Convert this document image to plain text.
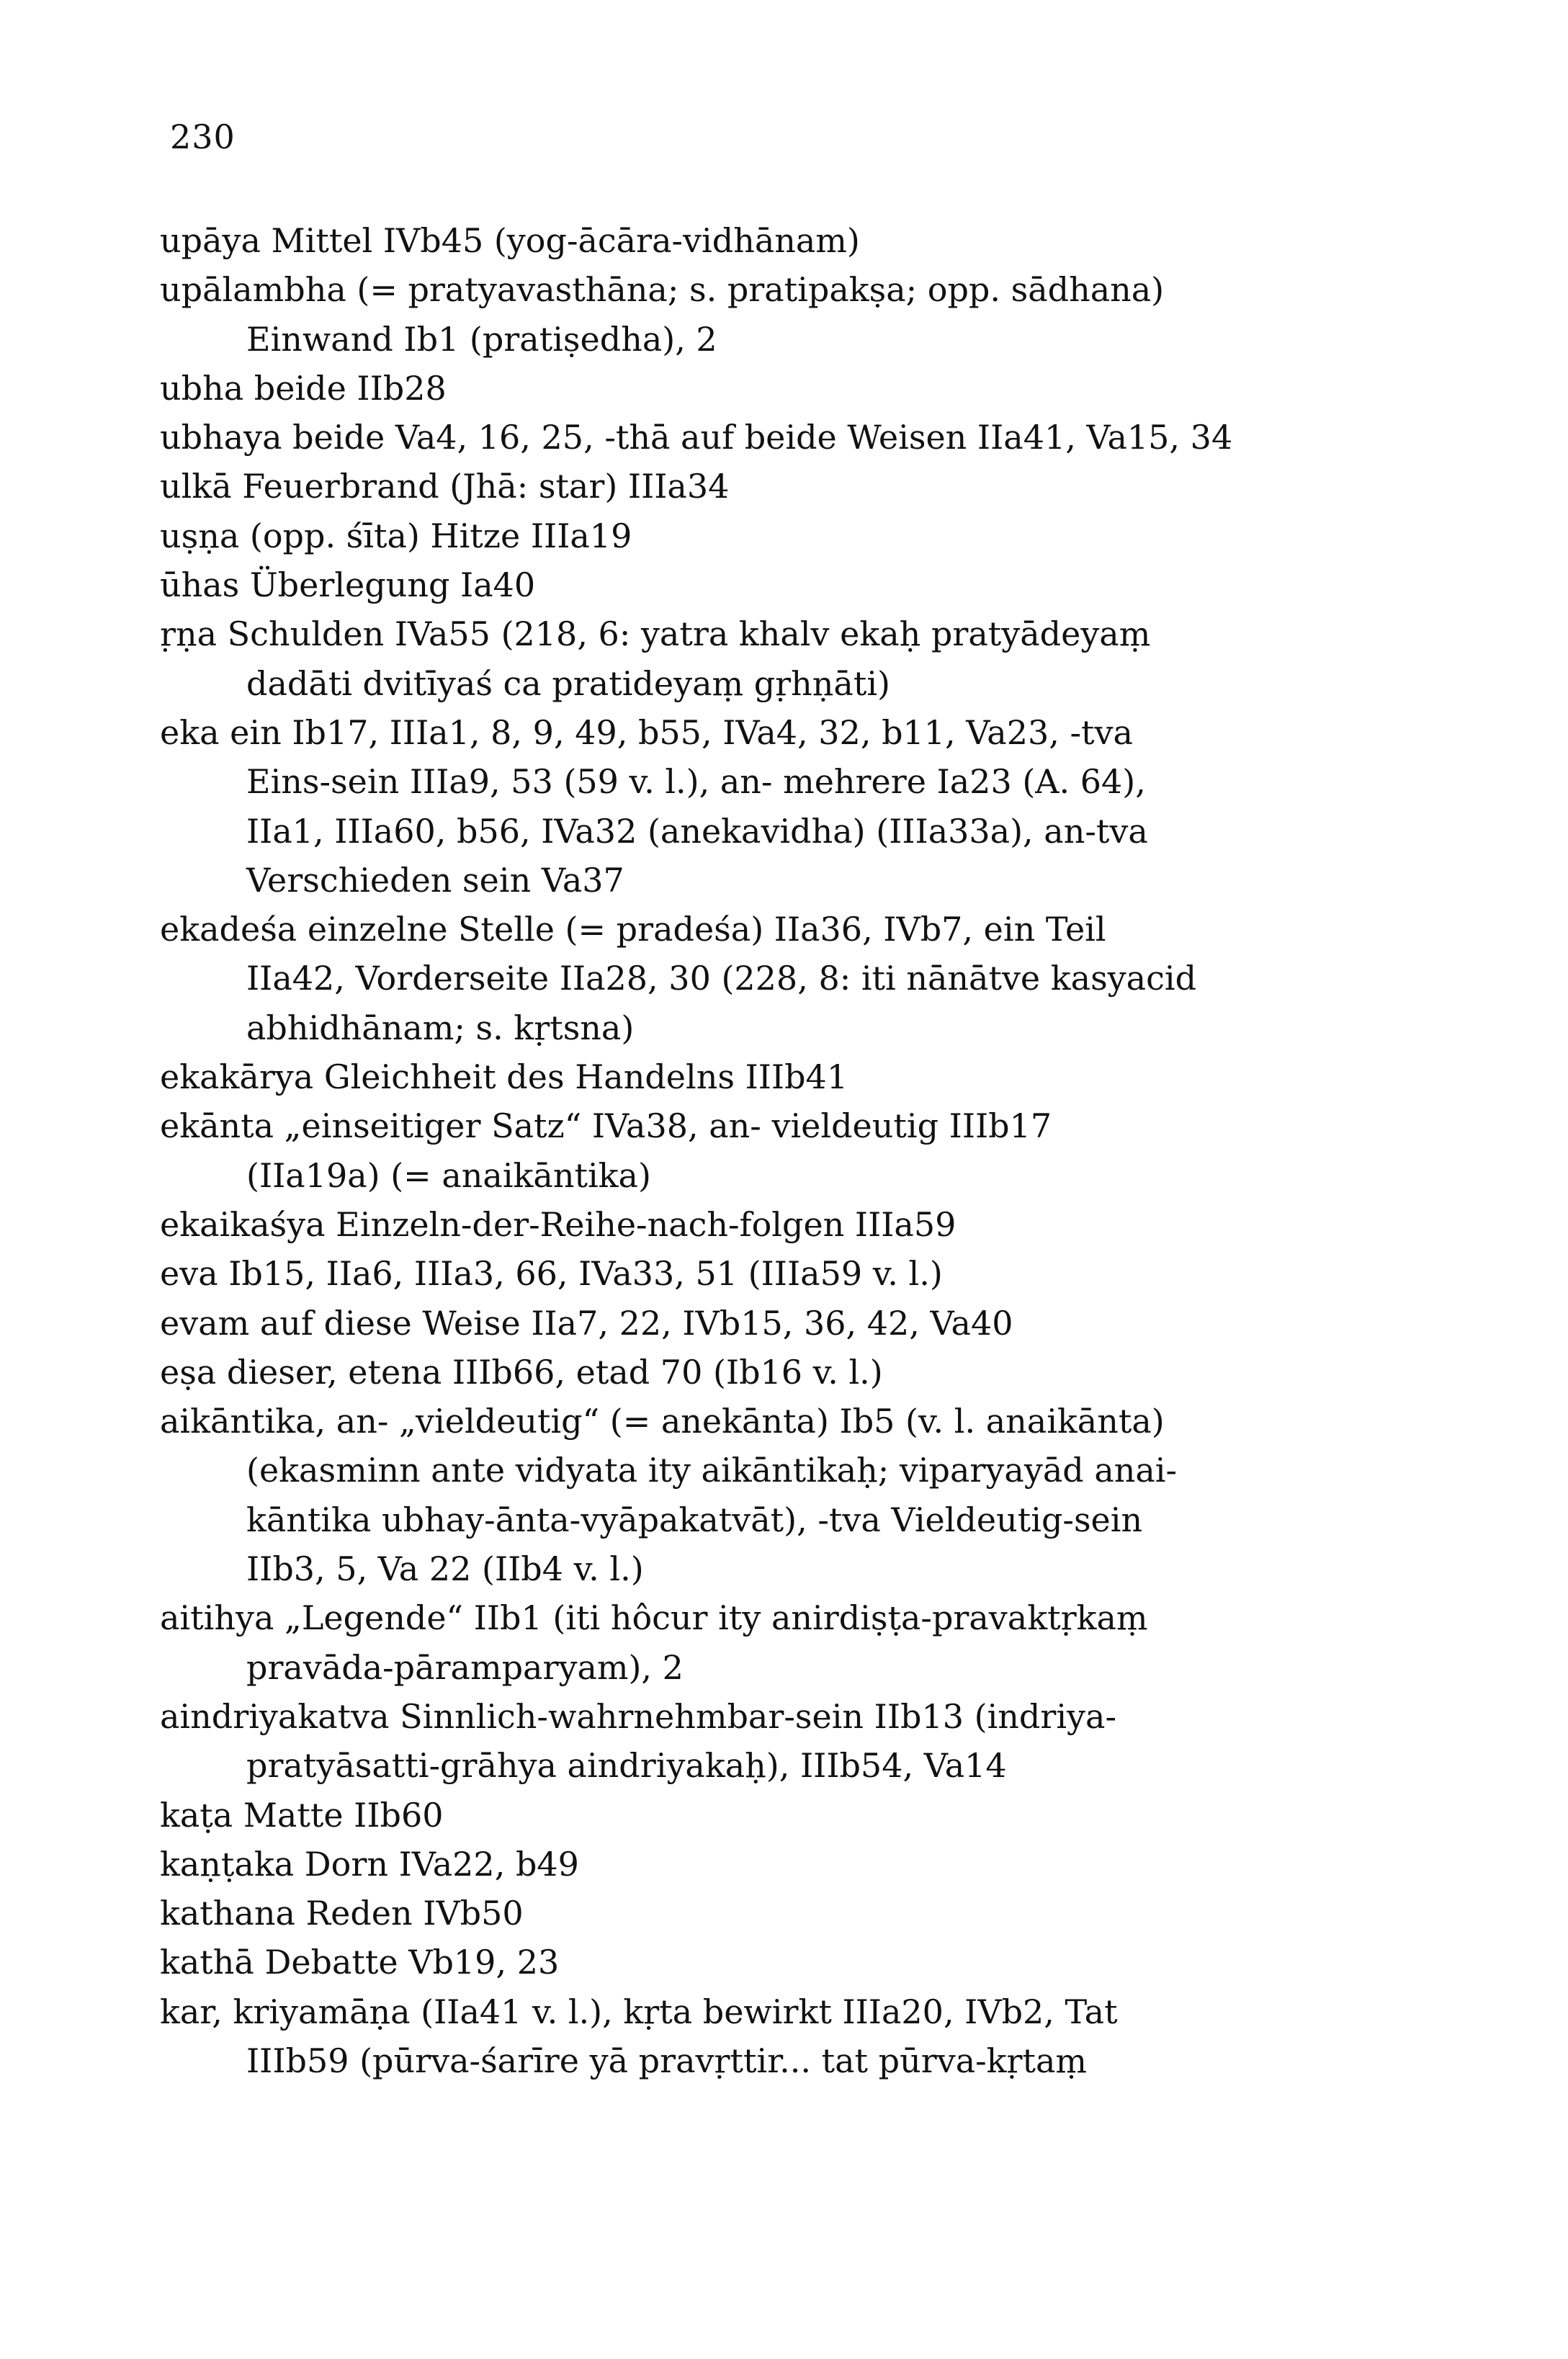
230
upāya Mittel IVb45 (yog-ācāra-vidhānam)
upālambha (= pratyavasthāna; s. pratipakṣa; opp. sādhana)
Einwand Ib1 (pratiṣedha), 2
ubha beide IIb28
ubhaya beide Va4, 16, 25, -thā auf beide Weisen IIa41, Va15, 34
ulkā Feuerbrand (Jhā: star) IIIa34
uṣṇa (opp. śīta) Hitze IIIa19
ūhas Überlegung Ia40
ṛṇa Schulden IVa55 (218, 6: yatra khalv ekaḥ pratyādeyaṃ
dadāti dvitīyaś ca pratideyaṃ gṛhṇāti)
eka ein Ib17, IIIa1, 8, 9, 49, b55, IVa4, 32, b11, Va23, -tva
Eins-sein IIIa9, 53 (59 v. l.), an- mehrere Ia23 (A. 64),
IIa1, IIIa60, b56, IVa32 (anekavidha) (IIIa33a), an-tva
Verschieden sein Va37
ekadeśa einzelne Stelle (= pradeśa) IIa36, IVb7, ein Teil
IIa42, Vorderseite IIa28, 30 (228, 8: iti nānātve kasyacid
abhidhānam; s. kṛtsna)
ekakārya Gleichheit des Handelns IIIb41
ekānta „einseitiger Satz“ IVa38, an- vieldeutig IIIb17
(IIa19a) (= anaikāntika)
ekaikaśya Einzeln-der-Reihe-nach-folgen IIIa59
eva Ib15, IIa6, IIIa3, 66, IVa33, 51 (IIIa59 v. l.)
evam auf diese Weise IIa7, 22, IVb15, 36, 42, Va40
eṣa dieser, etena IIIb66, etad 70 (Ib16 v. l.)
aikāntika, an- „vieldeutig“ (= anekānta) Ib5 (v. l. anaikānta)
(ekasminn ante vidyata ity aikāntikaḥ; viparyayād anai-
kāntika ubhay-ānta-vyāpakatvāt), -tva Vieldeutig-sein
IIb3, 5, Va 22 (IIb4 v. l.)
aitihya „Legende“ IIb1 (iti hôcur ity anirdiṣṭa-pravaktṛkaṃ
pravāda-pāramparyam), 2
aindriyakatva Sinnlich-wahrnehmbar-sein IIb13 (indriya-
pratyāsatti-grāhya aindriyakaḥ), IIIb54, Va14
kaṭa Matte IIb60
kaṇṭaka Dorn IVa22, b49
kathana Reden IVb50
kathā Debatte Vb19, 23
kar, kriyamāṇa (IIa41 v. l.), kṛta bewirkt IIIa20, IVb2, Tat
IIIb59 (pūrva-śarīre yā pravṛttir... tat pūrva-kṛtaṃ
